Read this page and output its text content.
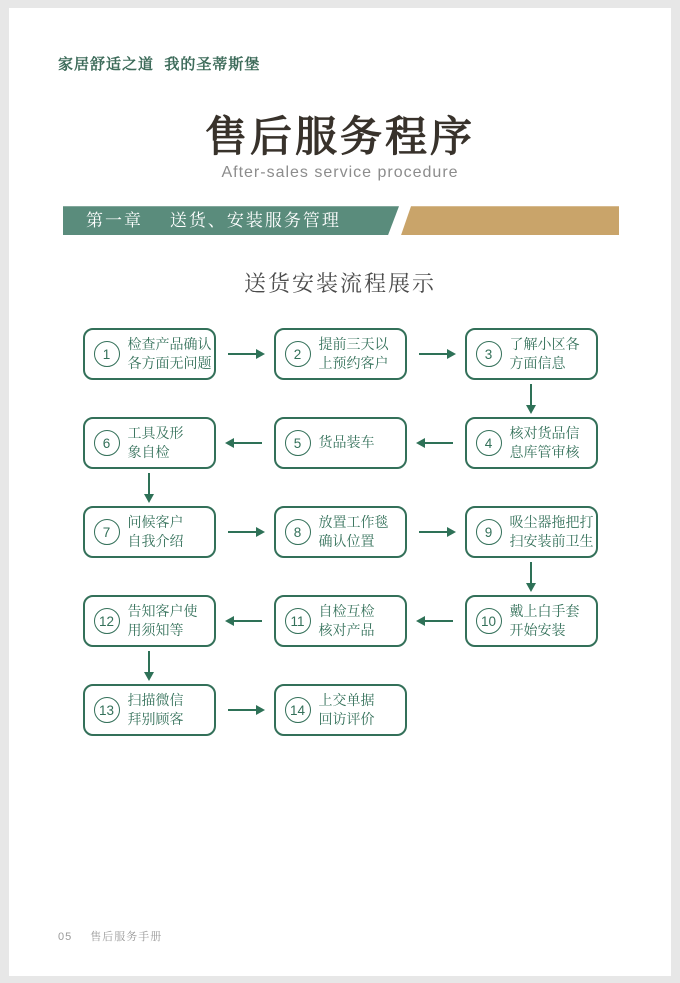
家居舒适之道  我的圣蒂斯堡
售后服务程序
After-sales service procedure
第一章    送货、安装服务管理
送货安装流程展示
1
检查产品确认
各方面无问题
2
提前三天以
上预约客户
3
了解小区各
方面信息
6
工具及形
象自检
5	货品装车	4
核对货品信
息库管审核
7
问候客户
自我介绍
8
放置工作毯
确认位置
9
吸尘器拖把打
扫安装前卫生
12
告知客户使
用须知等
11
自检互检
核对产品
10
戴上白手套
开始安装
13
扫描微信
拜别顾客
14
上交单据
回访评价
05 售后服务手册
